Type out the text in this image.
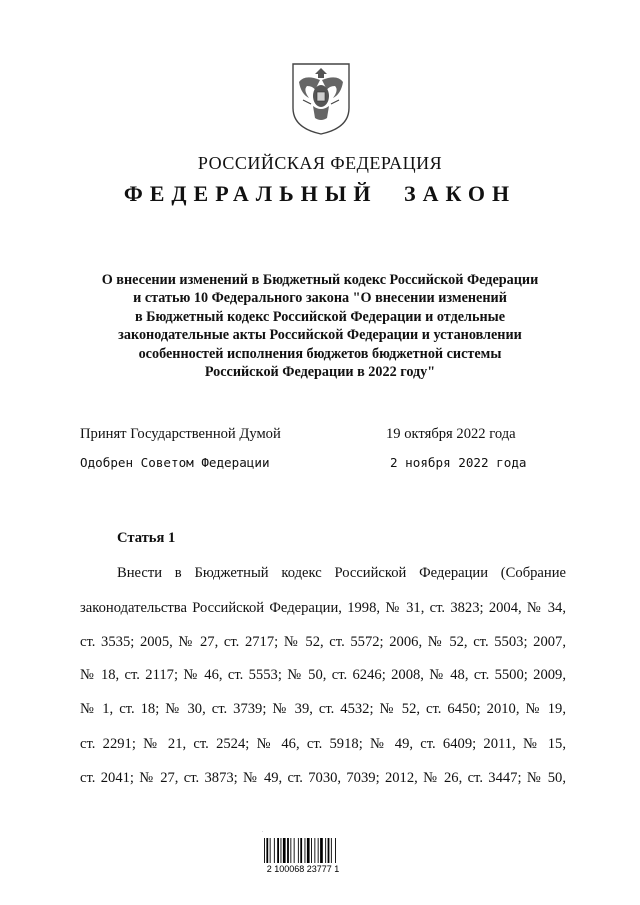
РОССИЙСКАЯ ФЕДЕРАЦИЯ
ФЕДЕРАЛЬНЫЙ ЗАКОН
О внесении изменений в Бюджетный кодекс Российской Федерации
и статью 10 Федерального закона "О внесении изменений
в Бюджетный кодекс Российской Федерации и отдельные
законодательные акты Российской Федерации и установлении
особенностей исполнения бюджетов бюджетной системы
Российской Федерации в 2022 году"
Принят Государственной Думой	19 октября 2022 года
Одобрен Советом Федерации	2 ноября 2022 года
Статья 1
Внести в Бюджетный кодекс Российской Федерации (Собрание
законодательства Российской Федерации, 1998, № 31, ст. 3823; 2004, № 34,
ст. 3535; 2005, № 27, ст. 2717; № 52, ст. 5572; 2006, № 52, ст. 5503; 2007,
№ 18, ст. 2117; № 46, ст. 5553; № 50, ст. 6246; 2008, № 48, ст. 5500; 2009,
№ 1, ст. 18; № 30, ст. 3739; № 39, ст. 4532; № 52, ст. 6450; 2010, № 19,
ст. 2291; № 21, ст. 2524; № 46, ст. 5918; № 49, ст. 6409; 2011, № 15,
ст. 2041; № 27, ст. 3873; № 49, ст. 7030, 7039; 2012, № 26, ст. 3447; № 50,
.
2 100068 23777 1
